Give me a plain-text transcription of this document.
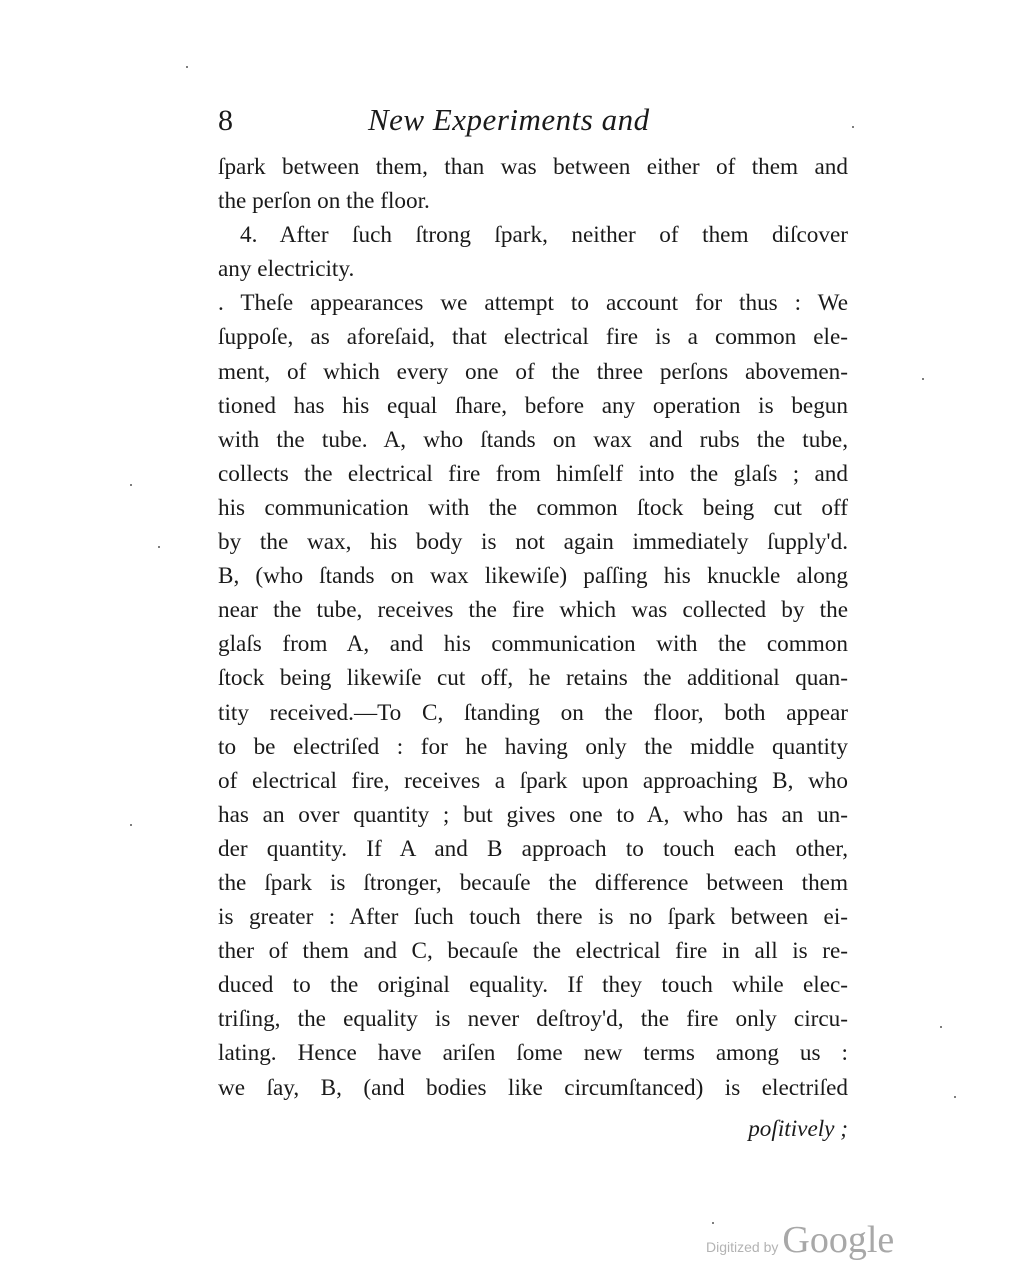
8	New Experiments and
ſpark between them, than was between either of them and
the perſon on the floor.
4. After ſuch ſtrong ſpark, neither of them diſcover
any electricity.
. Theſe appearances we attempt to account for thus : We
ſuppoſe, as aforeſaid, that electrical fire is a common ele-
ment, of which every one of the three perſons abovemen-
tioned has his equal ſhare, before any operation is begun
with the tube. A, who ſtands on wax and rubs the tube,
collects the electrical fire from himſelf into the glaſs ; and
his communication with the common ſtock being cut off
by the wax, his body is not again immediately ſupply'd.
B, (who ſtands on wax likewiſe) paſſing his knuckle along
near the tube, receives the fire which was collected by the
glaſs from A, and his communication with the common
ſtock being likewiſe cut off, he retains the additional quan-
tity received.—To C, ſtanding on the floor, both appear
to be electriſed : for he having only the middle quantity
of electrical fire, receives a ſpark upon approaching B, who
has an over quantity ; but gives one to A, who has an un-
der quantity. If A and B approach to touch each other,
the ſpark is ſtronger, becauſe the difference between them
is greater : After ſuch touch there is no ſpark between ei-
ther of them and C, becauſe the electrical fire in all is re-
duced to the original equality. If they touch while elec-
triſing, the equality is never deſtroy'd, the fire only circu-
lating. Hence have ariſen ſome new terms among us :
we ſay, B, (and bodies like circumſtanced) is electriſed
poſitively ;
Digitized by Google
